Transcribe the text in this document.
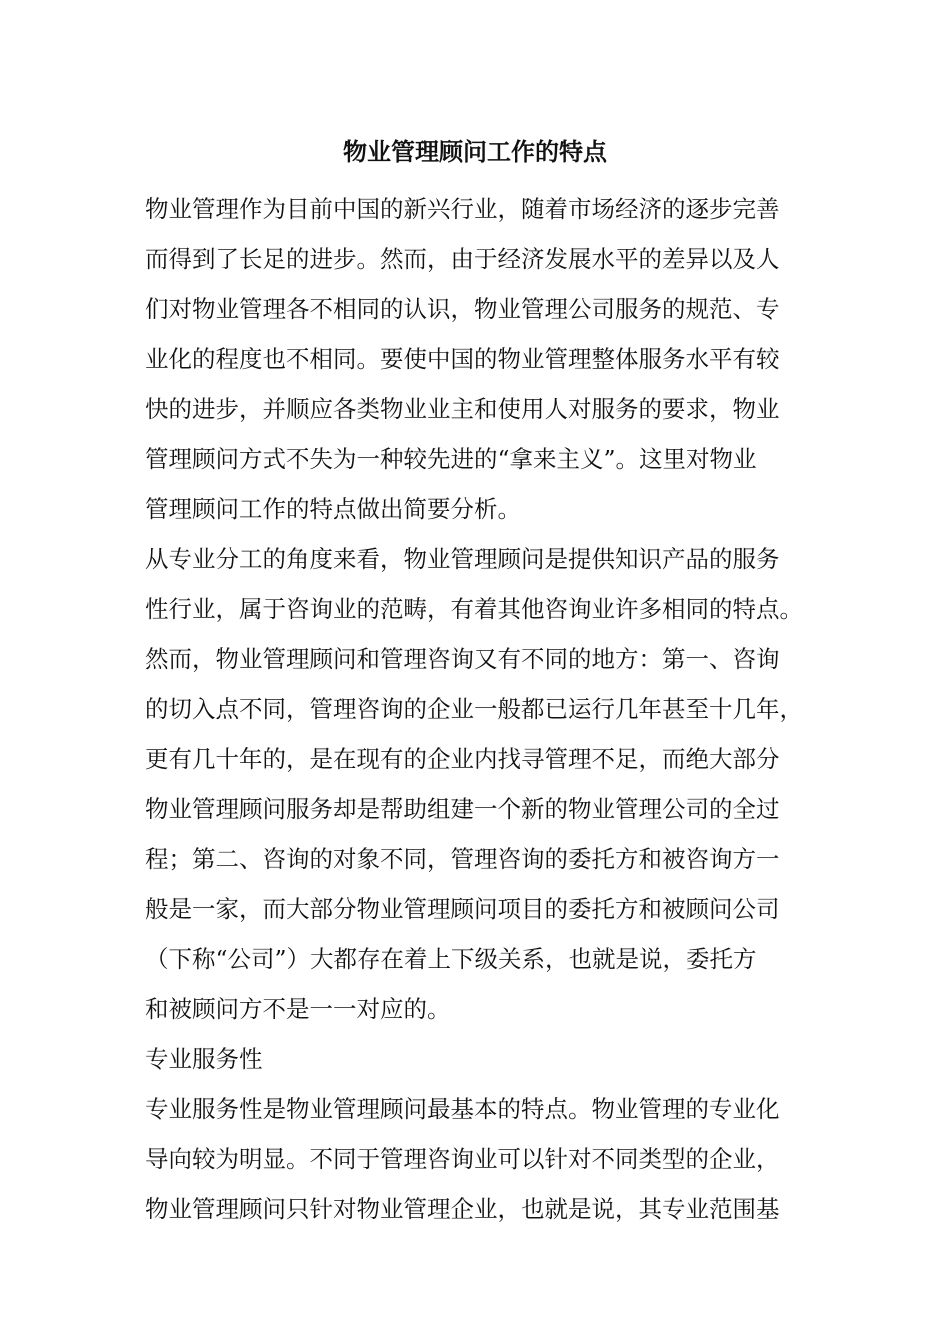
物业管理顾问工作的特点

物业管理作为目前中国的新兴行业，随着市场经济的逐步完善

而得到了长足的进步。然而，由于经济发展水平的差异以及人

们对物业管理各不相同的认识，物业管理公司服务的规范、专

业化的程度也不相同。要使中国的物业管理整体服务水平有较

快的进步，并顺应各类物业业主和使用人对服务的要求，物业

管理顾问方式不失为一种较先进的“拿来主义”。这里对物业

管理顾问工作的特点做出简要分析。

从专业分工的角度来看，物业管理顾问是提供知识产品的服务

性行业，属于咨询业的范畴，有着其他咨询业许多相同的特点。

然而，物业管理顾问和管理咨询又有不同的地方：第一、咨询

的切入点不同，管理咨询的企业一般都已运行几年甚至十几年，

更有几十年的，是在现有的企业内找寻管理不足，而绝大部分

物业管理顾问服务却是帮助组建一个新的物业管理公司的全过

程；第二、咨询的对象不同，管理咨询的委托方和被咨询方一

般是一家，而大部分物业管理顾问项目的委托方和被顾问公司

（下称“公司”）大都存在着上下级关系，也就是说，委托方

和被顾问方不是一一对应的。

专业服务性

专业服务性是物业管理顾问最基本的特点。物业管理的专业化

导向较为明显。不同于管理咨询业可以针对不同类型的企业，

物业管理顾问只针对物业管理企业，也就是说，其专业范围基
